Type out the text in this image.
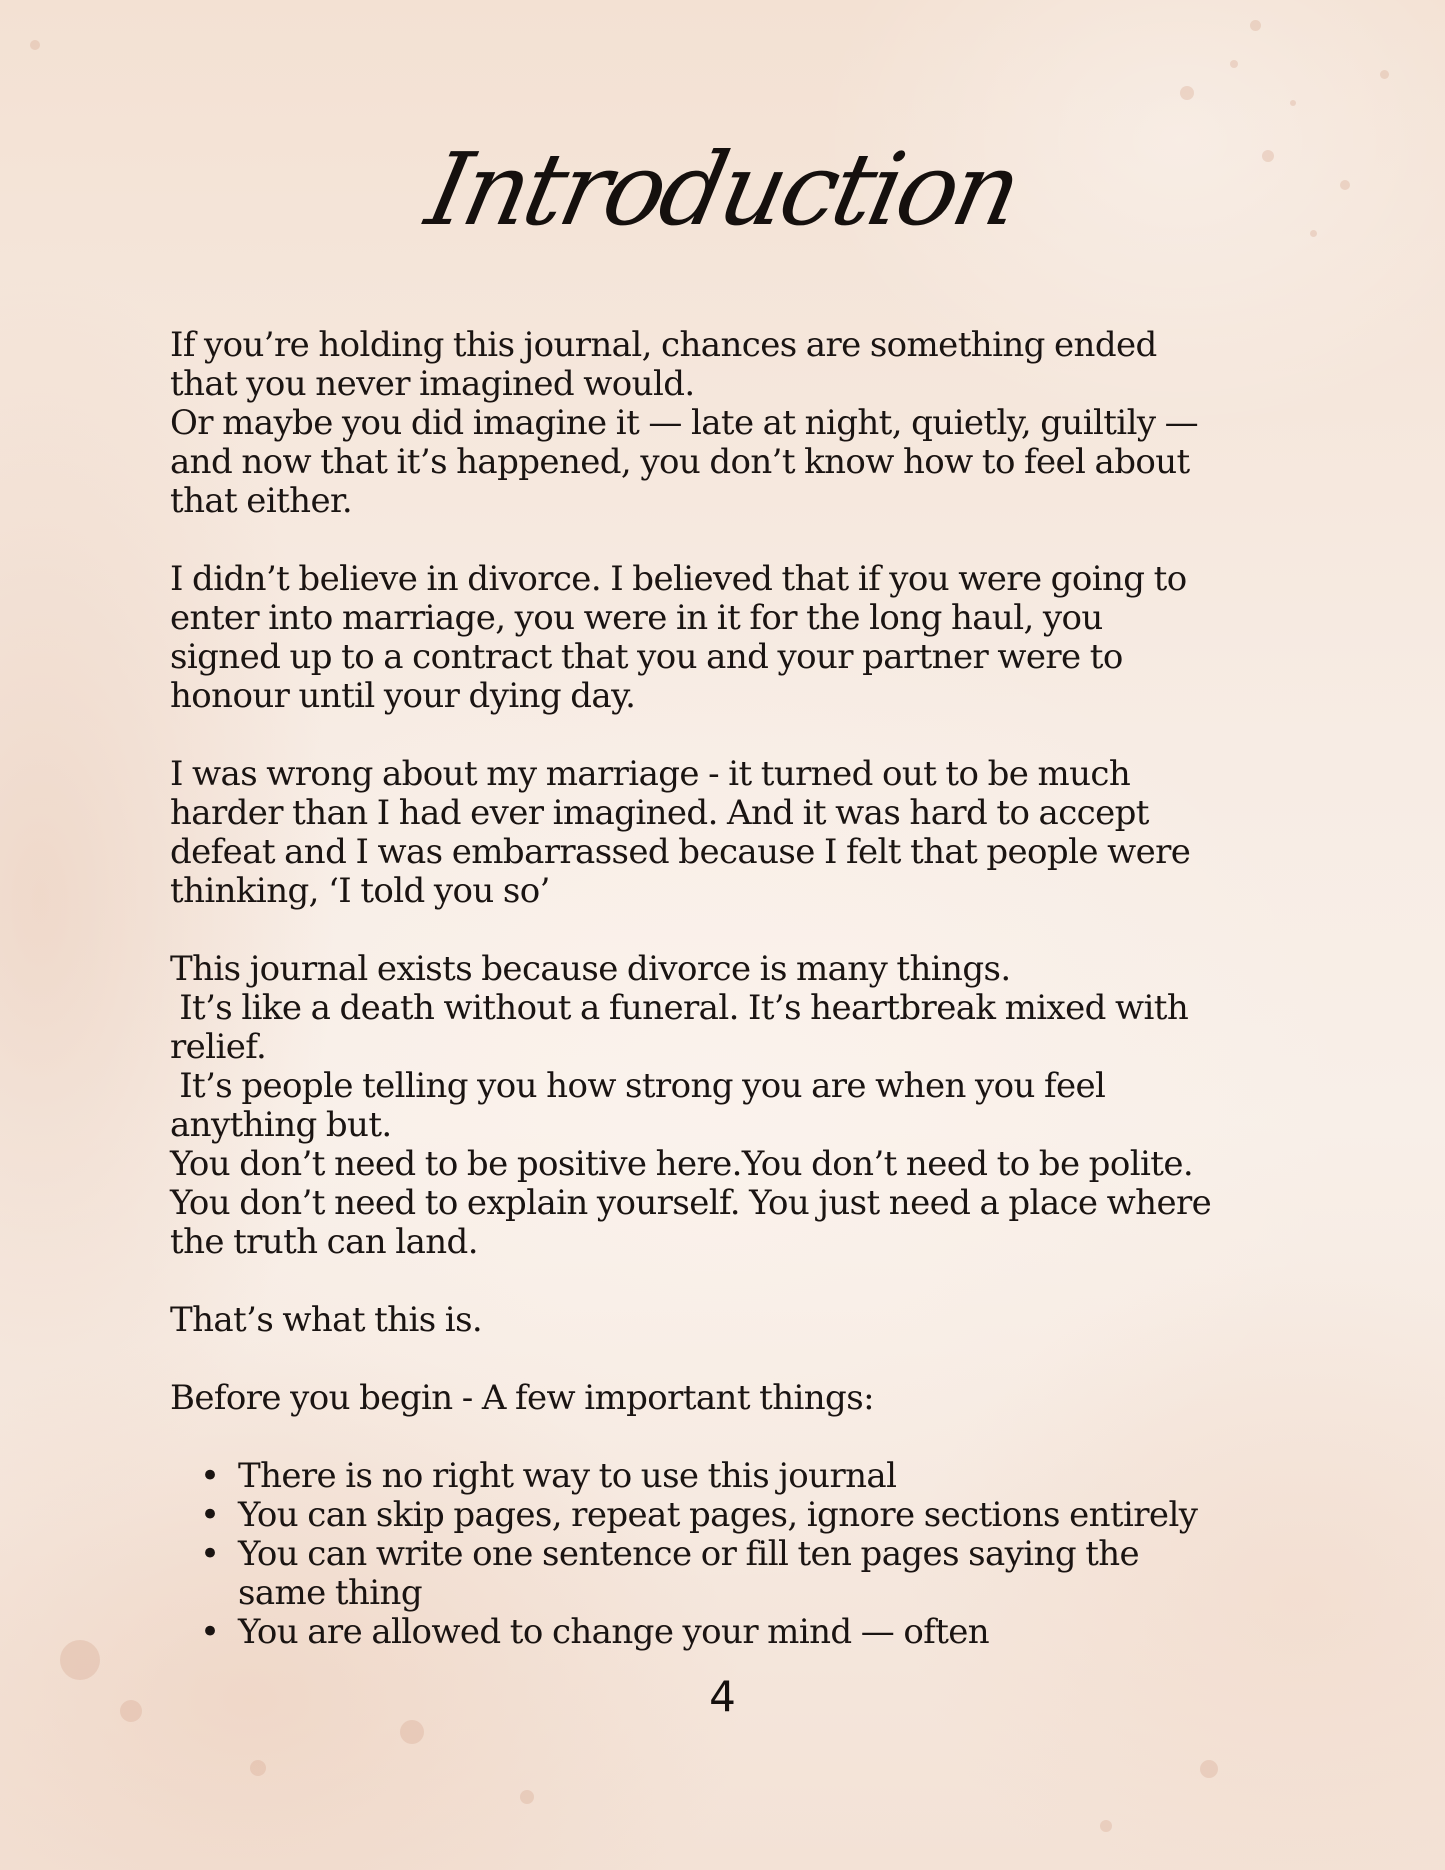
Introduction

If you’re holding this journal, chances are something ended

that you never imagined would.

Or maybe you did imagine it — late at night, quietly, guiltily —

and now that it’s happened, you don’t know how to feel about

that either.

I didn’t believe in divorce. I believed that if you were going to

enter into marriage, you were in it for the long haul, you

signed up to a contract that you and your partner were to

honour until your dying day.

I was wrong about my marriage - it turned out to be much

harder than I had ever imagined. And it was hard to accept

defeat and I was embarrassed because I felt that people were

thinking, ‘I told you so’

This journal exists because divorce is many things.

It’s like a death without a funeral. It’s heartbreak mixed with

relief.

It’s people telling you how strong you are when you feel

anything but.

You don’t need to be positive here.You don’t need to be polite.

You don’t need to explain yourself. You just need a place where

the truth can land.

That’s what this is.

Before you begin - A few important things:

• There is no right way to use this journal
• You can skip pages, repeat pages, ignore sections entirely
• You can write one sentence or fill ten pages saying the
same thing
• You are allowed to change your mind — often
4
